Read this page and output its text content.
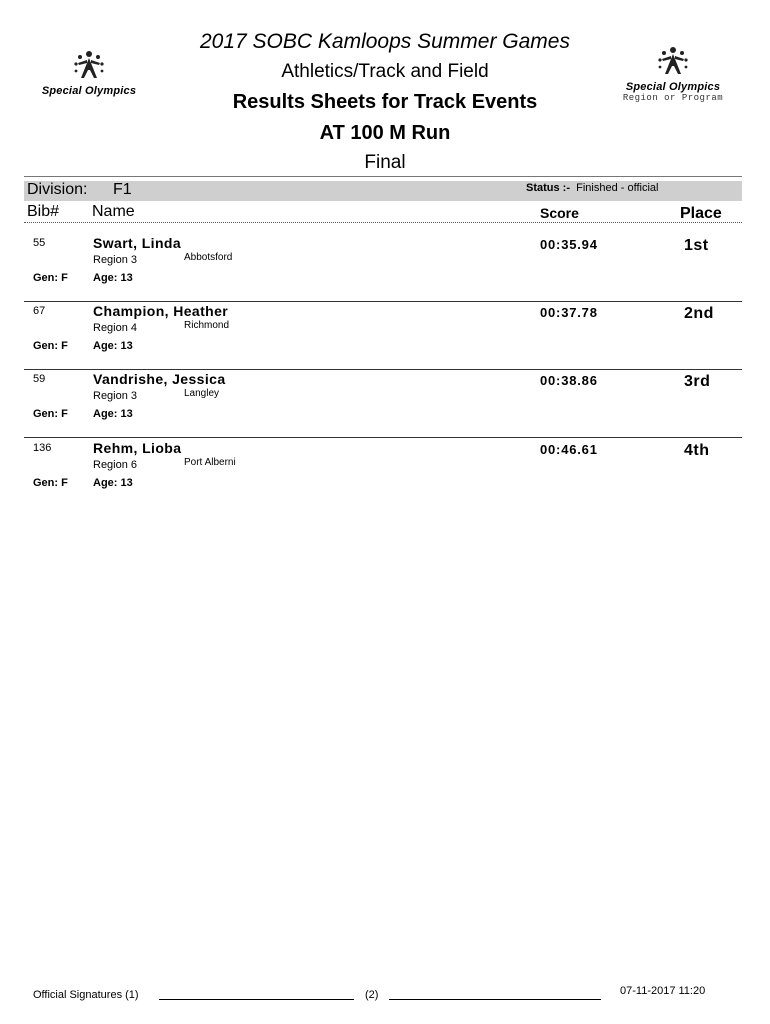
Special Olympics	Special Olympics
Region or Program
2017 SOBC Kamloops Summer Games
Athletics/Track and Field
Results Sheets for Track Events
AT 100 M Run
Final
Division: F1	Status :- Finished - official
Bib# Name	Score	Place
55	Swart, Linda
Region 3	Abbotsford
Gen: F Age: 13
00:35.94	1st
67	Champion, Heather
Region 4	Richmond
Gen: F Age: 13
00:37.78	2nd
59	Vandrishe, Jessica
Region 3	Langley
Gen: F Age: 13
00:38.86	3rd
136	Rehm, Lioba
Region 6	Port Alberni
Gen: F Age: 13
00:46.61	4th
Official Signatures (1)	(2)	07-11-2017 11:20
